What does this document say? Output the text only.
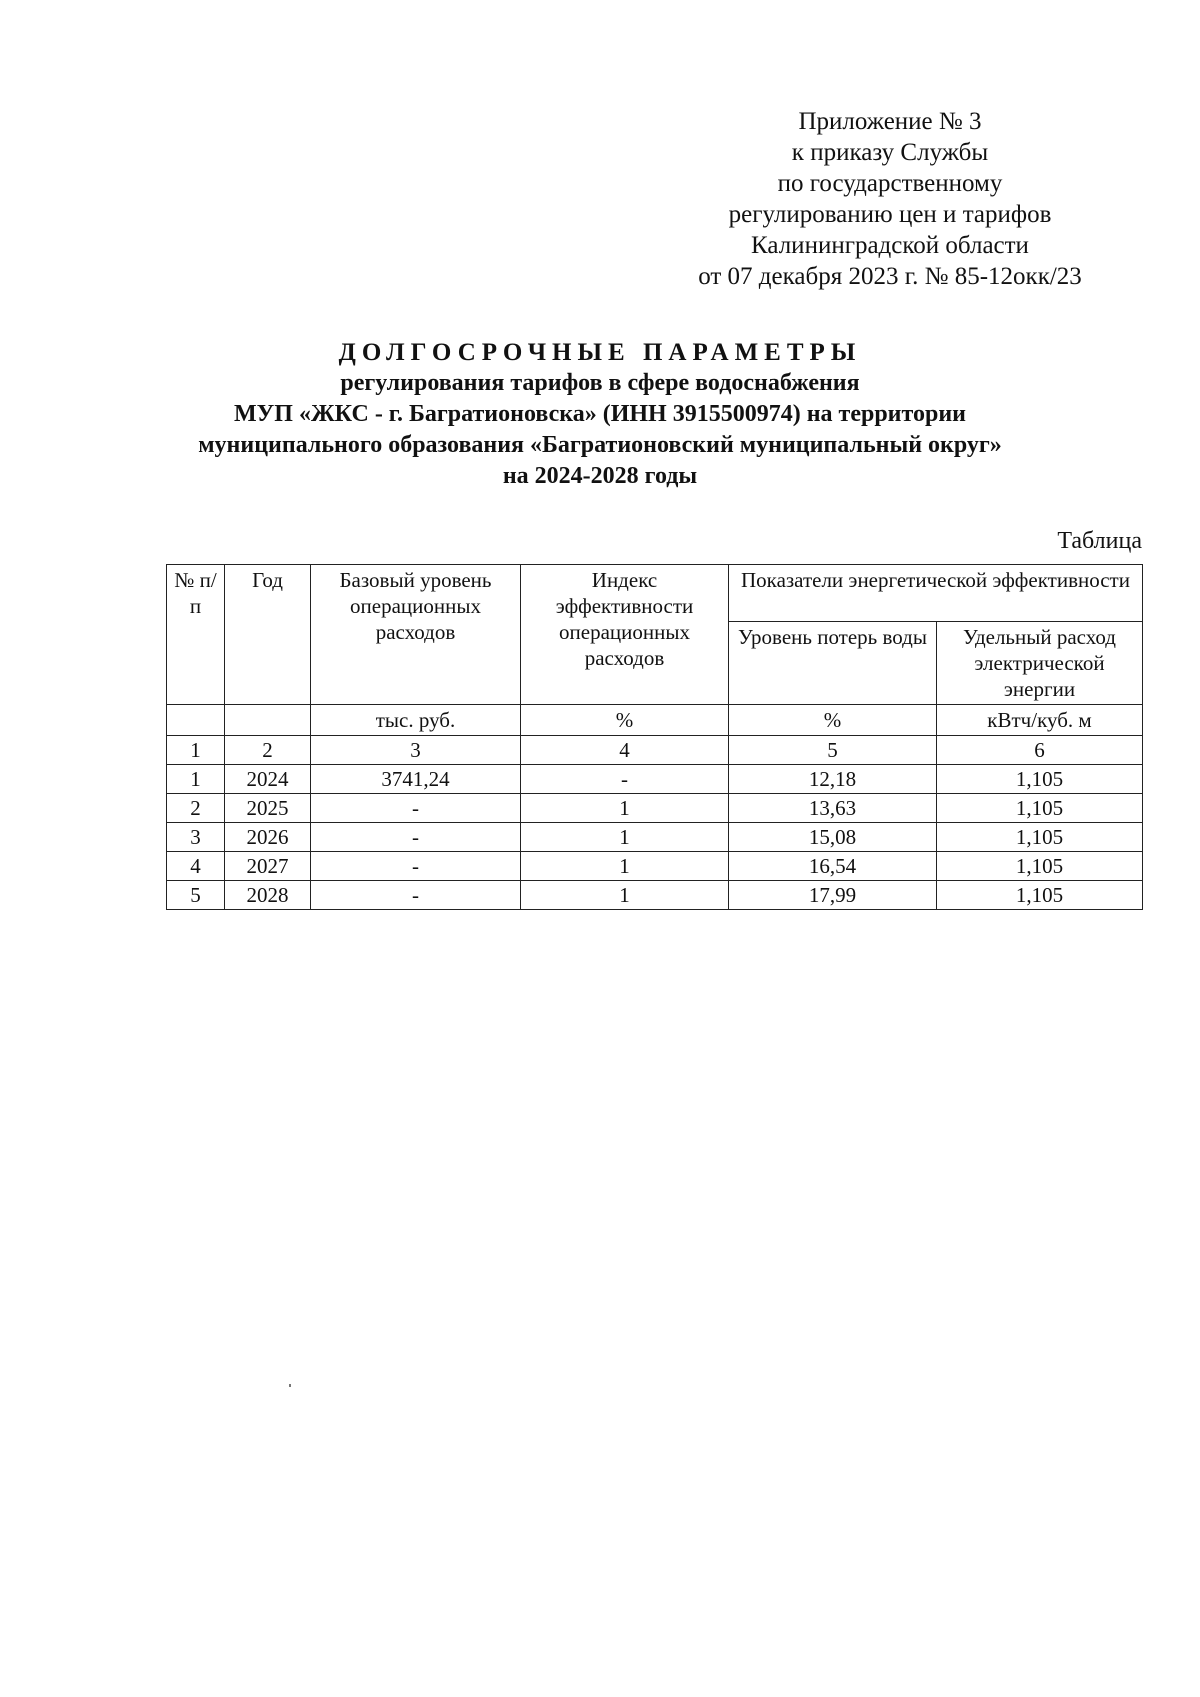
Приложение № 3
к приказу Службы
по государственному
регулированию цен и тарифов
Калининградской области
от 07 декабря 2023 г. № 85-12окк/23
ДОЛГОСРОЧНЫЕ ПАРАМЕТРЫ
регулирования тарифов в сфере водоснабжения
МУП «ЖКС - г. Багратионовска» (ИНН 3915500974) на территории
муниципального образования «Багратионовский муниципальный округ»
на 2024-2028 годы
Таблица
№ п/п	Год	Базовый уровень операционных расходов	Индекс эффективности операционных расходов	Показатели энергетической эффективности	
				Уровень потерь воды	Удельный расход электрической энергии
		тыс. руб.	%	%	кВтч/куб. м
1	2	3	4	5	6
1	2024	3741,24	-	12,18	1,105
2	2025	-	1	13,63	1,105
3	2026	-	1	15,08	1,105
4	2027	-	1	16,54	1,105
5	2028	-	1	17,99	1,105
